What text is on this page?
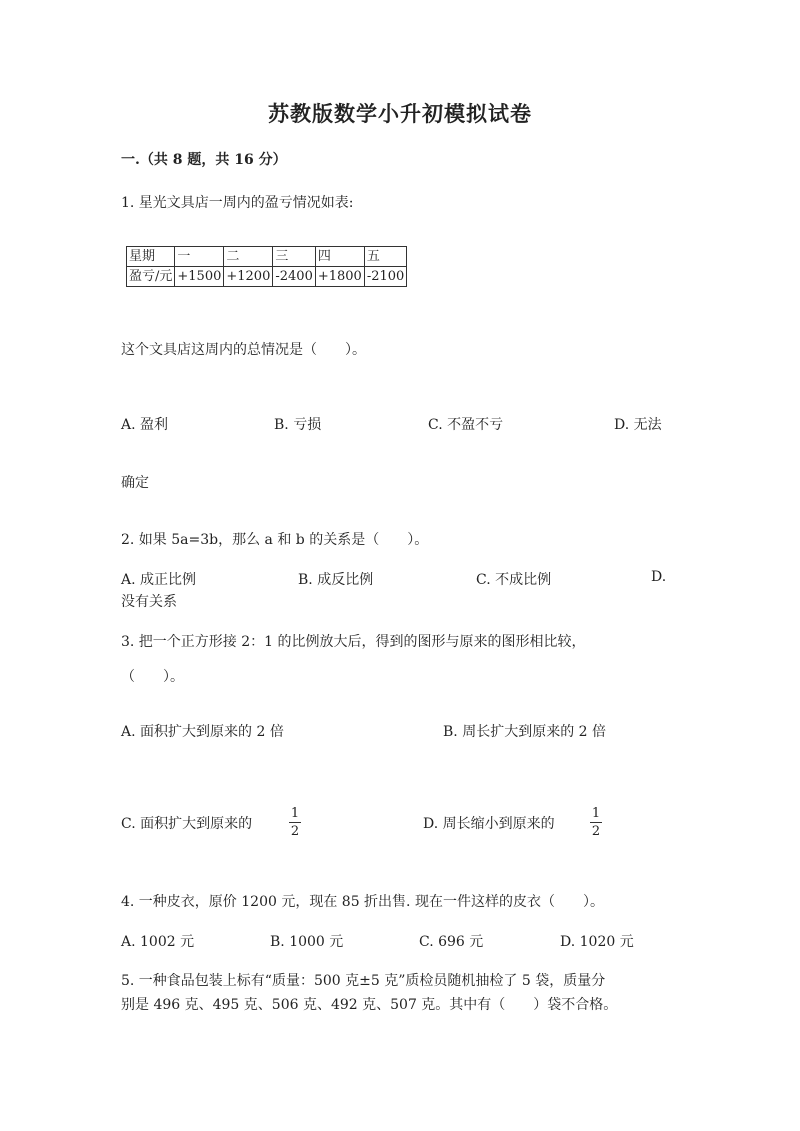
苏教版数学小升初模拟试卷
一.（共 8 题，共 16 分）
1. 星光文具店一周内的盈亏情况如表:
星期	一	二	三	四	五
盈亏/元	+1500	+1200	-2400	+1800	-2100
这个文具店这周内的总情况是（　　）。
A. 盈利	B. 亏损	C. 不盈不亏	D. 无法
确定
2. 如果 5a=3b，那么 a 和 b 的关系是（　　）。
A. 成正比例	B. 成反比例	C. 不成比例	D.
没有关系
3. 把一个正方形接 2：1 的比例放大后，得到的图形与原来的图形相比较，
（　　）。
A. 面积扩大到原来的 2 倍	B. 周长扩大到原来的 2 倍
C. 面积扩大到原来的
1
2	D. 周长缩小到原来的
1
2
4. 一种皮衣，原价 1200 元，现在 85 折出售. 现在一件这样的皮衣（　　）。
A. 1002 元	B. 1000 元	C. 696 元	D. 1020 元
5. 一种食品包装上标有“质量：500 克±5 克”质检员随机抽检了 5 袋，质量分
别是 496 克、495 克、506 克、492 克、507 克。其中有（　　）袋不合格。
